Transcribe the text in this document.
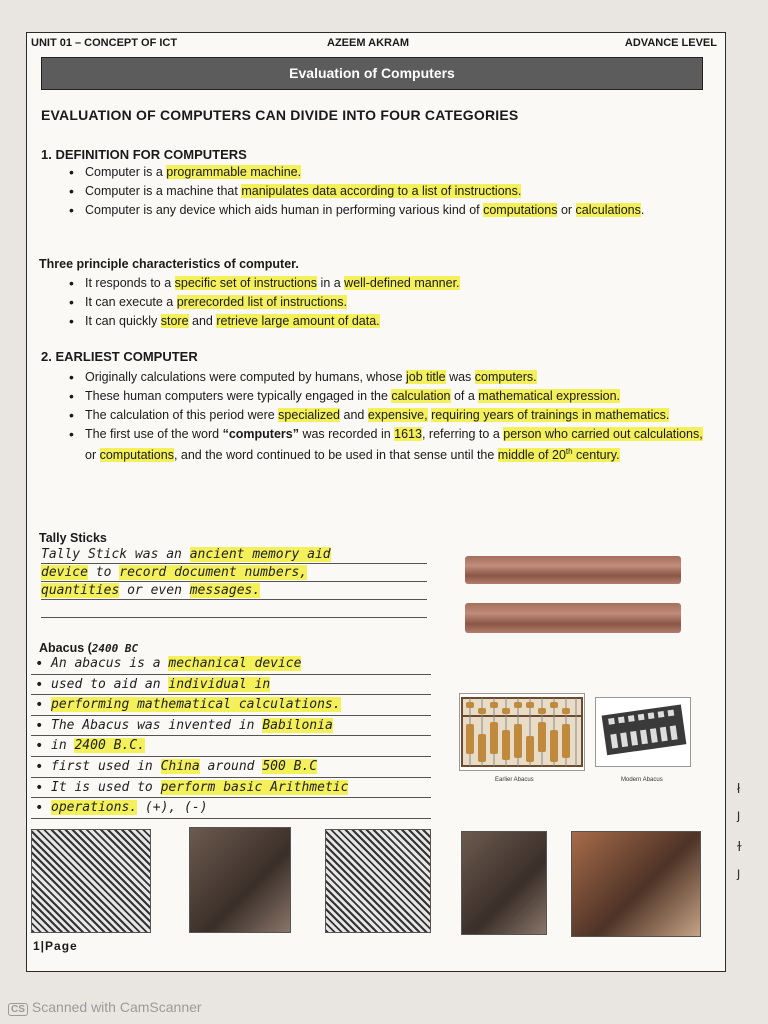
UNIT 01 – CONCEPT OF ICT	AZEEM AKRAM	ADVANCE LEVEL
Evaluation of Computers
EVALUATION OF COMPUTERS CAN DIVIDE INTO FOUR CATEGORIES
1. DEFINITION FOR COMPUTERS
• Computer is a programmable machine.
• Computer is a machine that manipulates data according to a list of instructions.
• Computer is any device which aids human in performing various kind of computations or calculations.
Three principle characteristics of computer.
• It responds to a specific set of instructions in a well-defined manner.
• It can execute a prerecorded list of instructions.
• It can quickly store and retrieve large amount of data.
2. EARLIEST COMPUTER
• Originally calculations were computed by humans, whose job title was computers.
• These human computers were typically engaged in the calculation of a mathematical expression.
• The calculation of this period were specialized and expensive, requiring years of trainings in mathematics.
• The first use of the word “computers” was recorded in 1613, referring to a person who carried out calculations, or computations, and the word continued to be used in that sense until the middle of 20th century.
Tally Sticks
Tally Stick was an ancient memory aid
device to record document numbers,
quantities or even messages.
Abacus (2400 BC
• An abacus is a mechanical device
• used to aid an individual in
• performing mathematical calculations.
• The Abacus was invented in Babilonia
• in 2400 B.C.
• first used in China around 500 B.C
• It is used to perform basic Arithmetic
• operations. (+), (-)
Earlier Abacus	Modern Abacus
1|Page
ł
ȷ
ɫ
ȷ
CS Scanned with CamScanner
